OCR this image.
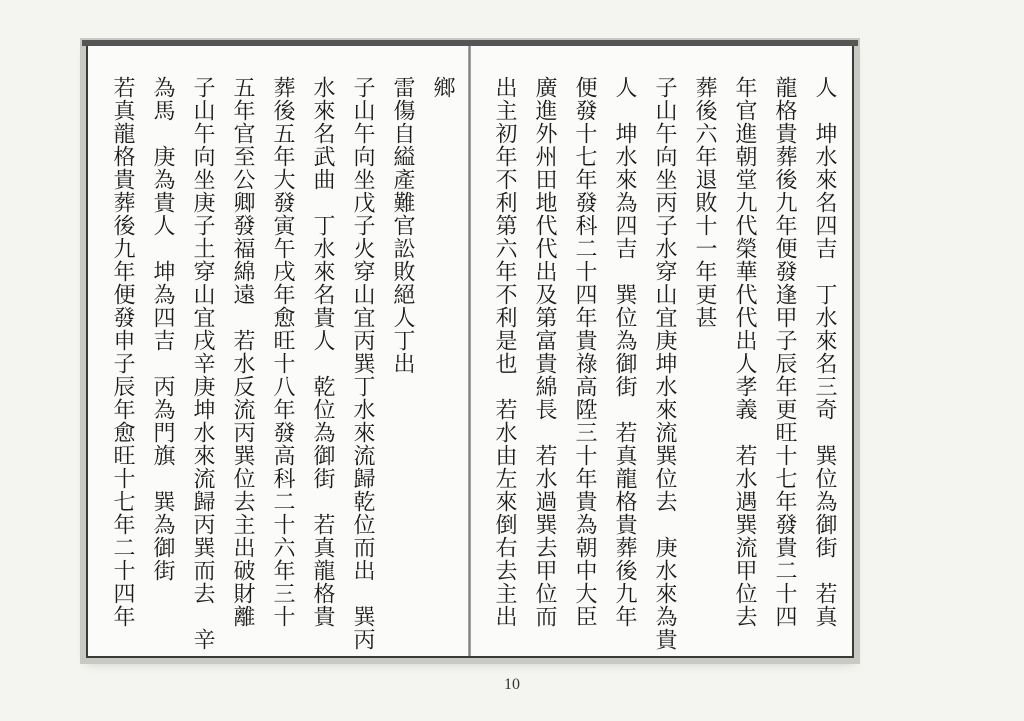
人　坤水來名四吉　丁水來名三奇　巽位為御街　若真
龍格貴葬後九年便發逢甲子辰年更旺十七年發貴二十四
年官進朝堂九代榮華代代出人孝義　若水遇巽流甲位去
葬後六年退敗十一年更甚
子山午向坐丙子水穿山宜庚坤水來流巽位去　庚水來為貴
人　坤水來為四吉　巽位為御街　若真龍格貴葬後九年
便發十七年發科二十四年貴祿高陞三十年貴為朝中大臣
廣進外州田地代代出及第富貴綿長　若水過巽去甲位而
出主初年不利第六年不利是也　若水由左來倒右去主出
鄉
雷傷自縊產難官訟敗絕人丁出
子山午向坐戊子火穿山宜丙巽丁水來流歸乾位而出　巽丙
水來名武曲　丁水來名貴人　乾位為御街　若真龍格貴
葬後五年大發寅午戌年愈旺十八年發高科二十六年三十
五年官至公卿發福綿遠　若水反流丙巽位去主出破財離
子山午向坐庚子土穿山宜戌辛庚坤水來流歸丙巽而去　辛
為馬　庚為貴人　坤為四吉　丙為門旗　巽為御街
若真龍格貴葬後九年便發申子辰年愈旺十七年二十四年
10
